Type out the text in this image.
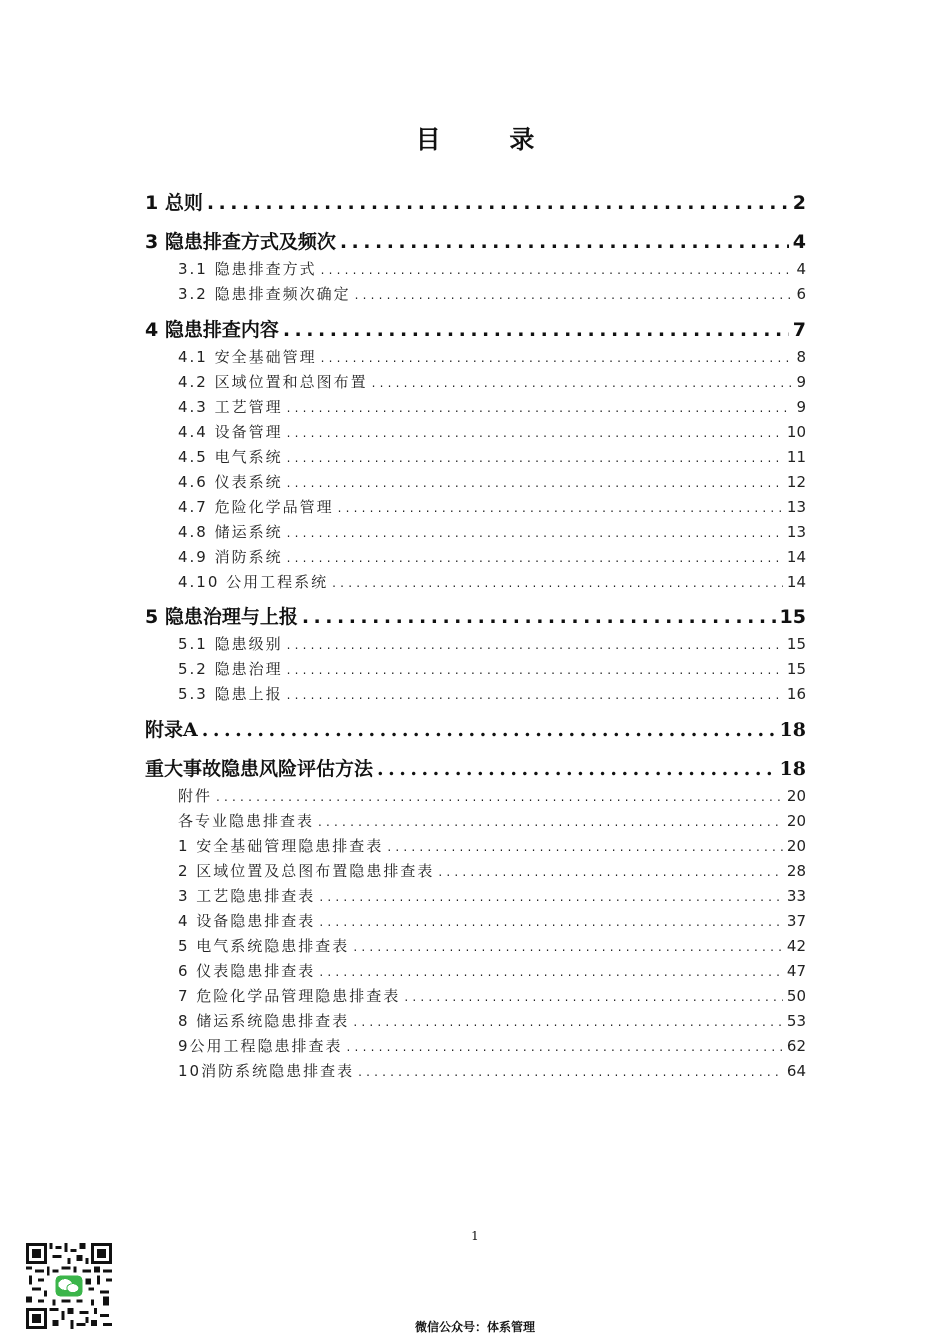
目 录
1 总则 .....	2
3 隐患排查方式及频次 .....	4
3.1 隐患排查方式 .....	4
3.2 隐患排查频次确定 .....	6
4 隐患排查内容 .....	7
4.1 安全基础管理 .....	8
4.2 区域位置和总图布置 .....	9
4.3 工艺管理 .....	9
4.4 设备管理 .....	10
4.5 电气系统 .....	11
4.6 仪表系统 .....	12
4.7 危险化学品管理 .....	13
4.8 储运系统 .....	13
4.9 消防系统 .....	14
4.10 公用工程系统 .....	14
5 隐患治理与上报 .....	15
5.1 隐患级别 .....	15
5.2 隐患治理 .....	15
5.3 隐患上报 .....	16
附录A .....	18
重大事故隐患风险评估方法 .....	18
附件 .....	20
各专业隐患排查表 .....	20
1 安全基础管理隐患排查表 .....	20
2 区域位置及总图布置隐患排查表 .....	28
3 工艺隐患排查表 .....	33
4 设备隐患排查表 .....	37
5 电气系统隐患排查表 .....	42
6 仪表隐患排查表 .....	47
7 危险化学品管理隐患排查表 .....	50
8 储运系统隐患排查表 .....	53
9公用工程隐患排查表 .....	62
10消防系统隐患排查表 .....	64
1
微信公众号：体系管理
